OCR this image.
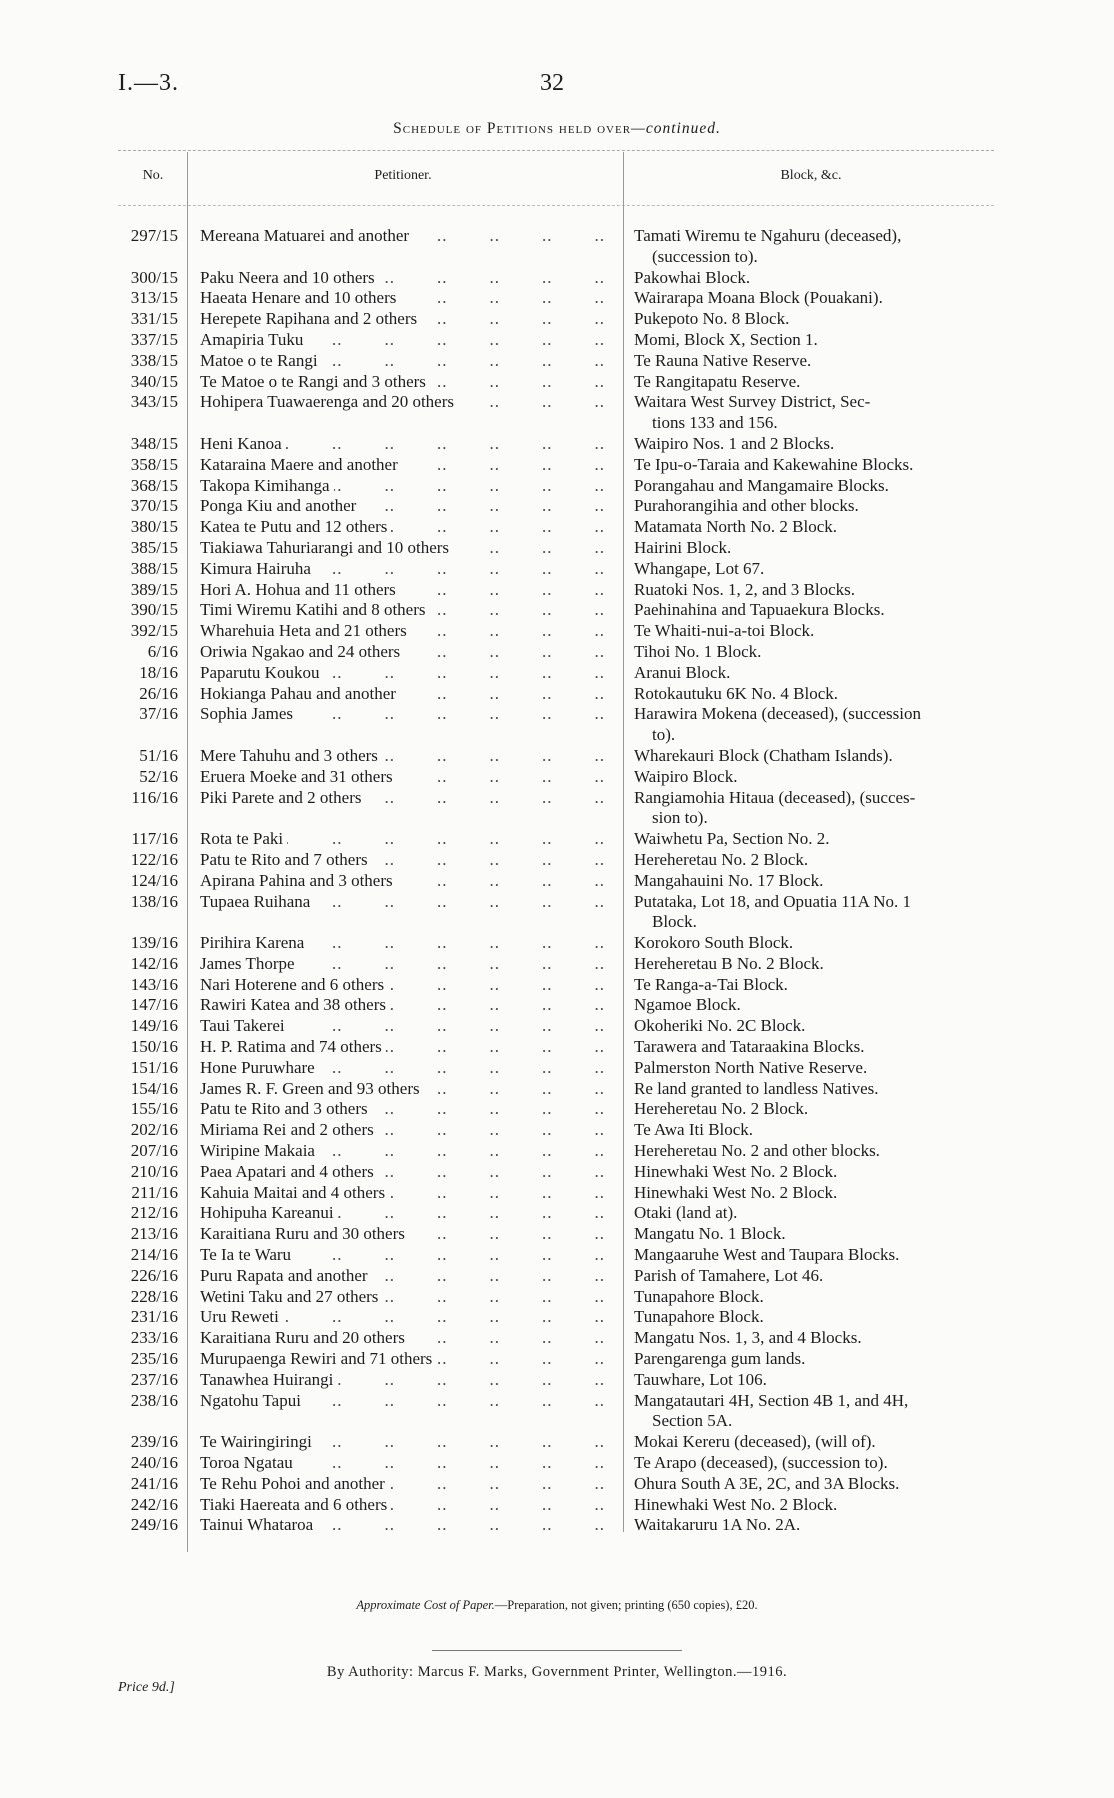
I.—3.	32
Schedule of Petitions held over—continued.
No.	Petitioner.	Block, &c.
297/15 Mereana Matuarei and another ..	Tamati Wiremu te Ngahuru (deceased),
(succession to).
300/15 Paku Neera and 10 others ..	Pakowhai Block.
313/15 Haeata Henare and 10 others ..	Wairarapa Moana Block (Pouakani).
331/15 Herepete Rapihana and 2 others ..	Pukepoto No. 8 Block.
337/15 Amapiria Tuku ..	Momi, Block X, Section 1.
338/15 Matoe o te Rangi ..	Te Rauna Native Reserve.
340/15 Te Matoe o te Rangi and 3 others ..	Te Rangitapatu Reserve.
343/15 Hohipera Tuawaerenga and 20 others ..	Waitara West Survey District, Sec-
tions 133 and 156.
348/15 Heni Kanoa ..	Waipiro Nos. 1 and 2 Blocks.
358/15 Kataraina Maere and another ..	Te Ipu-o-Taraia and Kakewahine Blocks.
368/15 Takopa Kimihanga ..	Porangahau and Mangamaire Blocks.
370/15 Ponga Kiu and another ..	Purahorangihia and other blocks.
380/15 Katea te Putu and 12 others ..	Matamata North No. 2 Block.
385/15 Tiakiawa Tahuriarangi and 10 others ..	Hairini Block.
388/15 Kimura Hairuha ..	Whangape, Lot 67.
389/15 Hori A. Hohua and 11 others ..	Ruatoki Nos. 1, 2, and 3 Blocks.
390/15 Timi Wiremu Katihi and 8 others ..	Paehinahina and Tapuaekura Blocks.
392/15 Wharehuia Heta and 21 others ..	Te Whaiti-nui-a-toi Block.
6/16 Oriwia Ngakao and 24 others ..	Tihoi No. 1 Block.
18/16 Paparutu Koukou ..	Aranui Block.
26/16 Hokianga Pahau and another ..	Rotokautuku 6K No. 4 Block.
37/16 Sophia James ..	Harawira Mokena (deceased), (succession
to).
51/16 Mere Tahuhu and 3 others ..	Wharekauri Block (Chatham Islands).
52/16 Eruera Moeke and 31 others ..	Waipiro Block.
116/16 Piki Parete and 2 others ..	Rangiamohia Hitaua (deceased), (succes-
sion to).
117/16 Rota te Paki ..	Waiwhetu Pa, Section No. 2.
122/16 Patu te Rito and 7 others ..	Hereheretau No. 2 Block.
124/16 Apirana Pahina and 3 others ..	Mangahauini No. 17 Block.
138/16 Tupaea Ruihana ..	Putataka, Lot 18, and Opuatia 11A No. 1
Block.
139/16 Pirihira Karena ..	Korokoro South Block.
142/16 James Thorpe ..	Hereheretau B No. 2 Block.
143/16 Nari Hoterene and 6 others ..	Te Ranga-a-Tai Block.
147/16 Rawiri Katea and 38 others ..	Ngamoe Block.
149/16 Taui Takerei ..	Okoheriki No. 2C Block.
150/16 H. P. Ratima and 74 others ..	Tarawera and Tataraakina Blocks.
151/16 Hone Puruwhare ..	Palmerston North Native Reserve.
154/16 James R. F. Green and 93 others ..	Re land granted to landless Natives.
155/16 Patu te Rito and 3 others ..	Hereheretau No. 2 Block.
202/16 Miriama Rei and 2 others ..	Te Awa Iti Block.
207/16 Wiripine Makaia ..	Hereheretau No. 2 and other blocks.
210/16 Paea Apatari and 4 others ..	Hinewhaki West No. 2 Block.
211/16 Kahuia Maitai and 4 others ..	Hinewhaki West No. 2 Block.
212/16 Hohipuha Kareanui ..	Otaki (land at).
213/16 Karaitiana Ruru and 30 others ..	Mangatu No. 1 Block.
214/16 Te Ia te Waru ..	Mangaaruhe West and Taupara Blocks.
226/16 Puru Rapata and another ..	Parish of Tamahere, Lot 46.
228/16 Wetini Taku and 27 others ..	Tunapahore Block.
231/16 Uru Reweti ..	Tunapahore Block.
233/16 Karaitiana Ruru and 20 others ..	Mangatu Nos. 1, 3, and 4 Blocks.
235/16 Murupaenga Rewiri and 71 others ..	Parengarenga gum lands.
237/16 Tanawhea Huirangi ..	Tauwhare, Lot 106.
238/16 Ngatohu Tapui ..	Mangatautari 4H, Section 4B 1, and 4H,
Section 5A.
239/16 Te Wairingiringi ..	Mokai Kereru (deceased), (will of).
240/16 Toroa Ngatau ..	Te Arapo (deceased), (succession to).
241/16 Te Rehu Pohoi and another ..	Ohura South A 3E, 2C, and 3A Blocks.
242/16 Tiaki Haereata and 6 others ..	Hinewhaki West No. 2 Block.
249/16 Tainui Whataroa ..	Waitakaruru 1A No. 2A.
Approximate Cost of Paper.—Preparation, not given; printing (650 copies), £20.
By Authority: Marcus F. Marks, Government Printer, Wellington.—1916.
Price 9d.]
